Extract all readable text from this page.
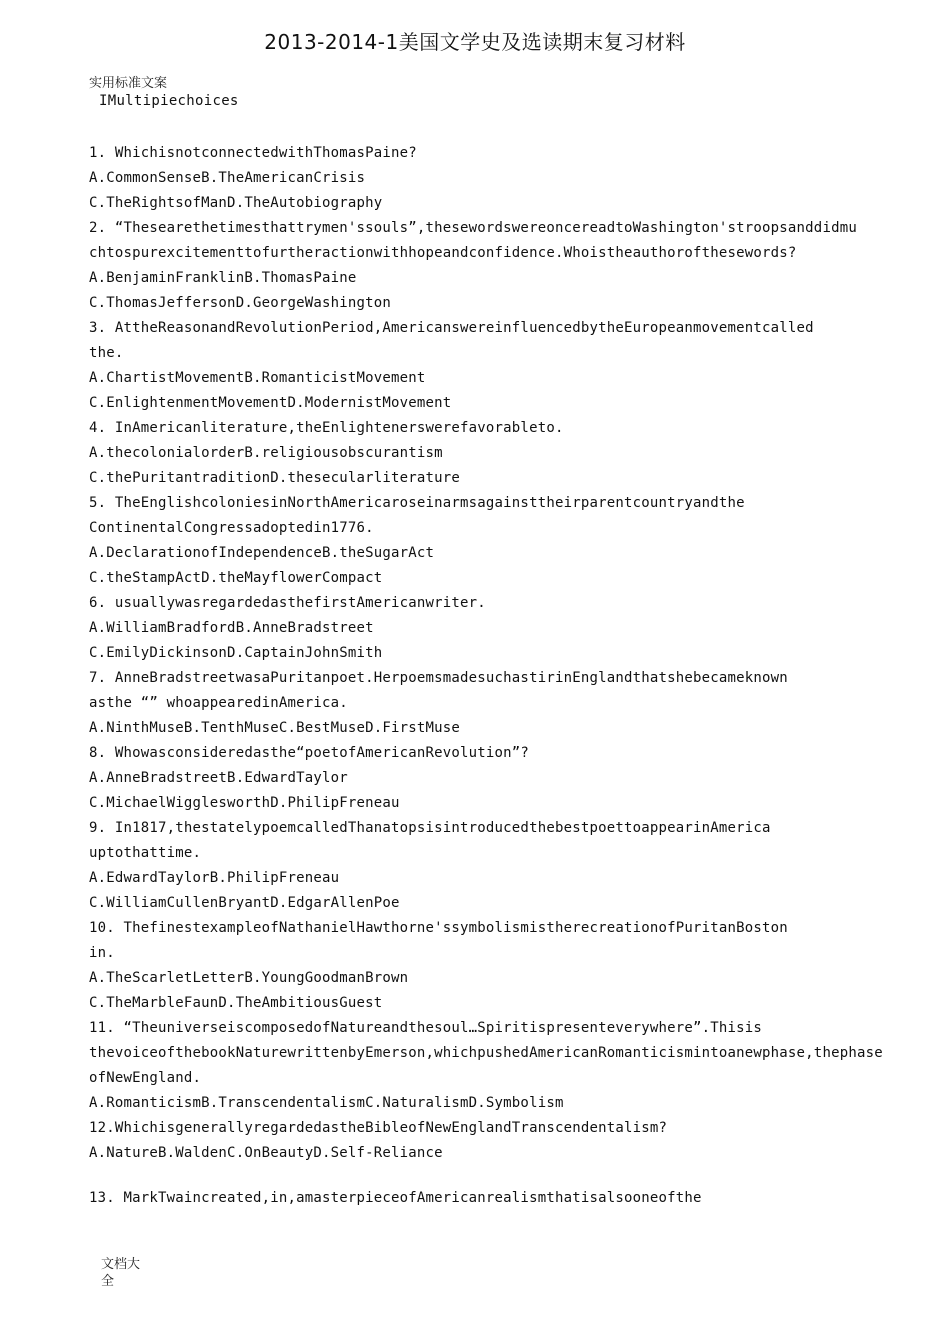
2013-2014-1美国文学史及选读期末复习材料
实用标准文案
IMultipiechoices
1. WhichisnotconnectedwithThomasPaine?
A.CommonSenseB.TheAmericanCrisis
C.TheRightsofManD.TheAutobiography
2. “Thesearethetimesthattrymen'ssouls”,thesewordswereoncereadtoWashington'stroopsanddidmu
chtospurexcitementtofurtheractionwithhopeandconfidence.Whoistheauthorofthesewords?
A.BenjaminFranklinB.ThomasPaine
C.ThomasJeffersonD.GeorgeWashington
3. AttheReasonandRevolutionPeriod,AmericanswereinfluencedbytheEuropeanmovementcalled
the.
A.ChartistMovementB.RomanticistMovement
C.EnlightenmentMovementD.ModernistMovement
4. InAmericanliterature,theEnlightenerswerefavorableto.
A.thecolonialorderB.religiousobscurantism
C.thePuritantraditionD.thesecularliterature
5. TheEnglishcoloniesinNorthAmericaroseinarmsagainsttheirparentcountryandthe
ContinentalCongressadoptedin1776.
A.DeclarationofIndependenceB.theSugarAct
C.theStampActD.theMayflowerCompact
6. usuallywasregardedasthefirstAmericanwriter.
A.WilliamBradfordB.AnneBradstreet
C.EmilyDickinsonD.CaptainJohnSmith
7. AnneBradstreetwasaPuritanpoet.HerpoemsmadesuchastirinEnglandthatshebecameknown
asthe “” whoappearedinAmerica.
A.NinthMuseB.TenthMuseC.BestMuseD.FirstMuse
8. Whowasconsideredasthe“poetofAmericanRevolution”?
A.AnneBradstreetB.EdwardTaylor
C.MichaelWigglesworthD.PhilipFreneau
9. In1817,thestatelypoemcalledThanatopsisintroducedthebestpoettoappearinAmerica
uptothattime.
A.EdwardTaylorB.PhilipFreneau
C.WilliamCullenBryantD.EdgarAllenPoe
10. ThefinestexampleofNathanielHawthorne'ssymbolismistherecreationofPuritanBoston
in.
A.TheScarletLetterB.YoungGoodmanBrown
C.TheMarbleFaunD.TheAmbitiousGuest
11. “TheuniverseiscomposedofNatureandthesoul…Spiritispresenteverywhere”.Thisis
thevoiceofthebookNaturewrittenbyEmerson,whichpushedAmericanRomanticismintoanewphase,thephase
ofNewEngland.
A.RomanticismB.TranscendentalismC.NaturalismD.Symbolism
12.WhichisgenerallyregardedastheBibleofNewEnglandTranscendentalism?
A.NatureB.WaldenC.OnBeautyD.Self-Reliance
13. MarkTwaincreated,in,amasterpieceofAmericanrealismthatisalsooneofthe
文档大
全
